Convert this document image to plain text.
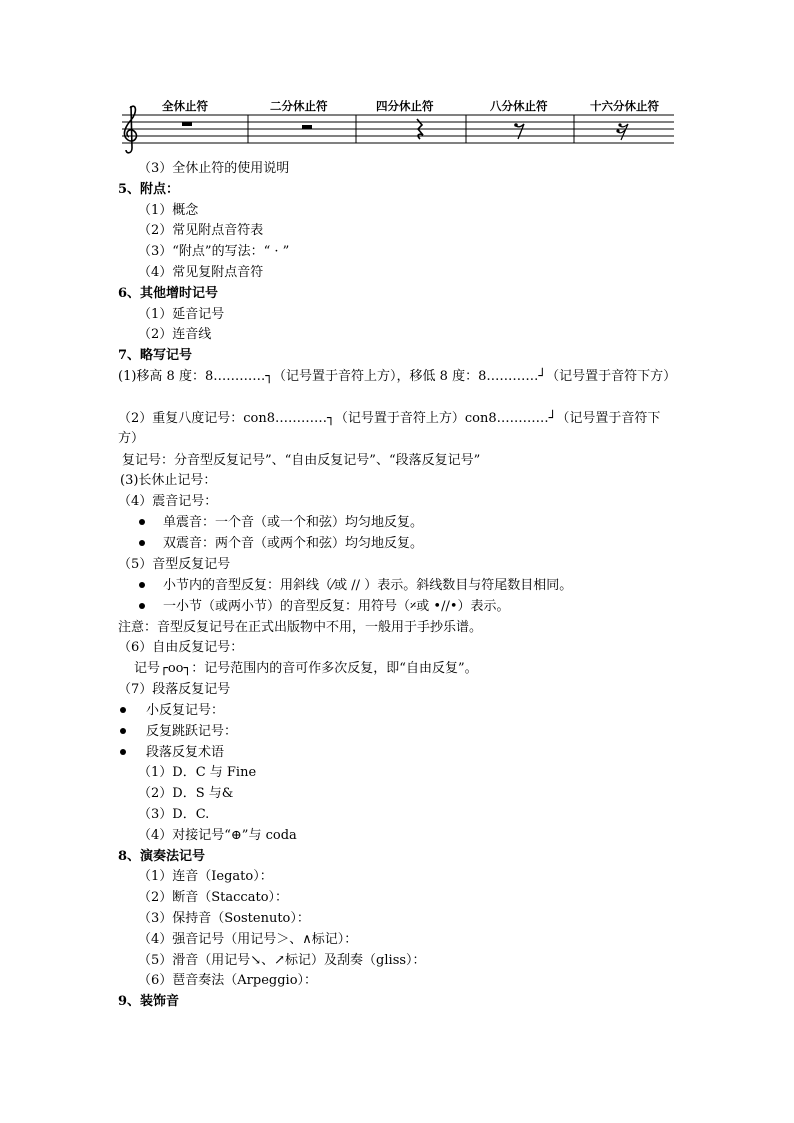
全休止符	二分休止符	四分休止符	八分休止符	十六分休止符
（3）全休止符的使用说明
5、附点：
（1）概念
（2）常见附点音符表
（3）“附点”的写法：“ · ”
（4）常见复附点音符
6、其他增时记号
（1）延音记号
（2）连音线
7、略写记号
(1)移高 8 度：8…………┐（记号置于音符上方），移低 8 度：8…………┘（记号置于音符下方）
（2）重复八度记号：con8…………┐（记号置于音符上方）con8…………┘（记号置于音符下方）
复记号：分音型反复记号”、“自由反复记号”、“段落反复记号”
(3)长休止记号：
（4）震音记号：
单震音：一个音（或一个和弦）均匀地反复。
双震音：两个音（或两个和弦）均匀地反复。
（5）音型反复记号
小节内的音型反复：用斜线（⁄或 // ）表示。斜线数目与符尾数目相同。
一小节（或两小节）的音型反复：用符号（𝄎或 •//•）表示。
注意：音型反复记号在正式出版物中不用，一般用于手抄乐谱。
（6）自由反复记号：
记号┌oo┐：记号范围内的音可作多次反复，即“自由反复”。
（7）段落反复记号
小反复记号：
反复跳跃记号：
段落反复术语
（1）D．C 与 Fine
（2）D．S 与&
（3）D．C.
（4）对接记号“⊕”与 coda
8、演奏法记号
（1）连音（Iegato）：
（2）断音（Staccato）：
（3）保持音（Sostenuto）：
（4）强音记号（用记号＞、∧标记）：
（5）滑音（用记号↘、↗标记）及刮奏（gliss）：
（6）琶音奏法（Arpeggio）：
9、装饰音
